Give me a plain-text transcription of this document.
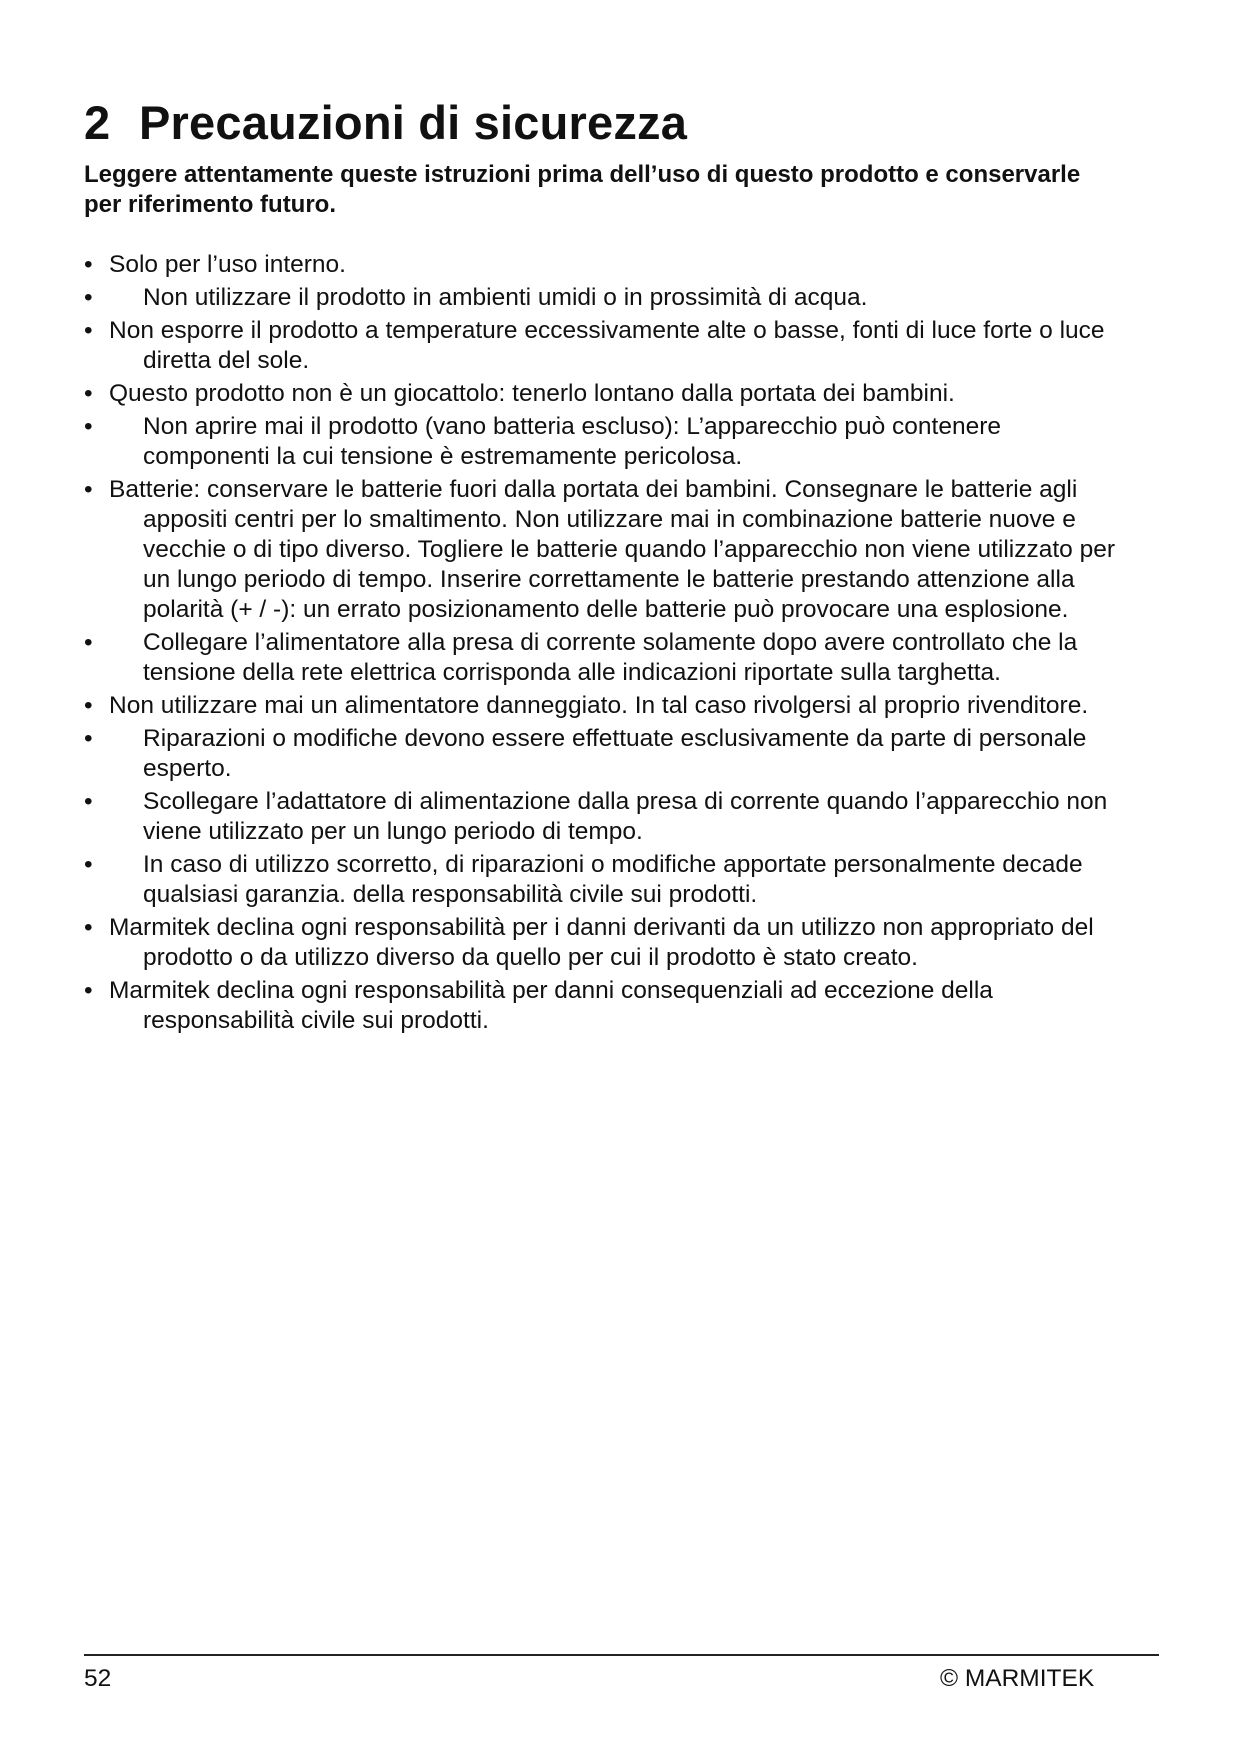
2 Precauzioni di sicurezza

Leggere attentamente queste istruzioni prima dell’uso di questo prodotto e conservarle per riferimento futuro.

• Solo per l’uso interno.
•	Non utilizzare il prodotto in ambienti umidi o in prossimità di acqua.
• Non esporre il prodotto a temperature eccessivamente alte o basse, fonti di luce forte o luce diretta del sole.
• Questo prodotto non è un giocattolo: tenerlo lontano dalla portata dei bambini.
•	Non aprire mai il prodotto (vano batteria escluso): L’apparecchio può contenere componenti la cui tensione è estremamente pericolosa.
• Batterie: conservare le batterie fuori dalla portata dei bambini. Consegnare le batterie agli appositi centri per lo smaltimento. Non utilizzare mai in combinazione batterie nuove e vecchie o di tipo diverso. Togliere le batterie quando l’apparecchio non viene utilizzato per un lungo periodo di tempo. Inserire correttamente le batterie prestando attenzione alla polarità (+ / -): un errato posizionamento delle batterie può provocare una esplosione.
•	Collegare l’alimentatore alla presa di corrente solamente dopo avere controllato che la tensione della rete elettrica corrisponda alle indicazioni riportate sulla targhetta.
• Non utilizzare mai un alimentatore danneggiato. In tal caso rivolgersi al proprio rivenditore.
•	Riparazioni o modifiche devono essere effettuate esclusivamente da parte di personale esperto.
•	Scollegare l’adattatore di alimentazione dalla presa di corrente quando l’apparecchio non viene utilizzato per un lungo periodo di tempo.
•	In caso di utilizzo scorretto, di riparazioni o modifiche apportate personalmente decade qualsiasi garanzia. della responsabilità civile sui prodotti.
• Marmitek declina ogni responsabilità per i danni derivanti da un utilizzo non appropriato del prodotto o da utilizzo diverso da quello per cui il prodotto è stato creato.
• Marmitek declina ogni responsabilità per danni consequenziali ad eccezione della responsabilità civile sui prodotti.
52	© MARMITEK
